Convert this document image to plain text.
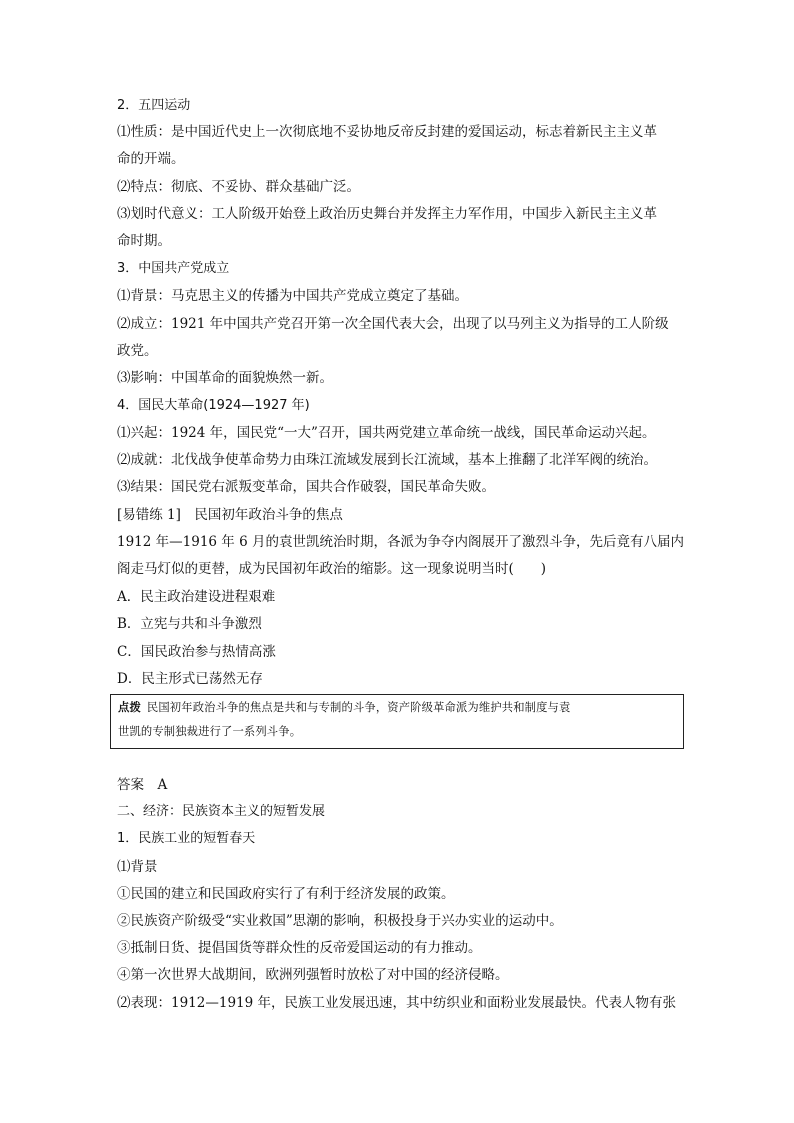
2．五四运动
⑴性质：是中国近代史上一次彻底地不妥协地反帝反封建的爱国运动，标志着新民主主义革
命的开端。
⑵特点：彻底、不妥协、群众基础广泛。
⑶划时代意义：工人阶级开始登上政治历史舞台并发挥主力军作用，中国步入新民主主义革
命时期。
3．中国共产党成立
⑴背景：马克思主义的传播为中国共产党成立奠定了基础。
⑵成立：1921 年中国共产党召开第一次全国代表大会，出现了以马列主义为指导的工人阶级
政党。
⑶影响：中国革命的面貌焕然一新。
4．国民大革命(1924—1927 年)
⑴兴起：1924 年，国民党“一大”召开，国共两党建立革命统一战线，国民革命运动兴起。
⑵成就：北伐战争使革命势力由珠江流域发展到长江流域，基本上推翻了北洋军阀的统治。
⑶结果：国民党右派叛变革命，国共合作破裂，国民革命失败。
[易错练 1]　民国初年政治斗争的焦点
1912 年—1916 年 6 月的袁世凯统治时期，各派为争夺内阁展开了激烈斗争，先后竟有八届内
阁走马灯似的更替，成为民国初年政治的缩影。这一现象说明当时(　　)
A．民主政治建设进程艰难
B．立宪与共和斗争激烈
C．国民政治参与热情高涨
D．民主形式已荡然无存
点拨 民国初年政治斗争的焦点是共和与专制的斗争，资产阶级革命派为维护共和制度与袁
世凯的专制独裁进行了一系列斗争。
答案　A
二、经济：民族资本主义的短暂发展
1．民族工业的短暂春天
⑴背景
①民国的建立和民国政府实行了有利于经济发展的政策。
②民族资产阶级受“实业救国”思潮的影响，积极投身于兴办实业的运动中。
③抵制日货、提倡国货等群众性的反帝爱国运动的有力推动。
④第一次世界大战期间，欧洲列强暂时放松了对中国的经济侵略。
⑵表现：1912—1919 年，民族工业发展迅速，其中纺织业和面粉业发展最快。代表人物有张
